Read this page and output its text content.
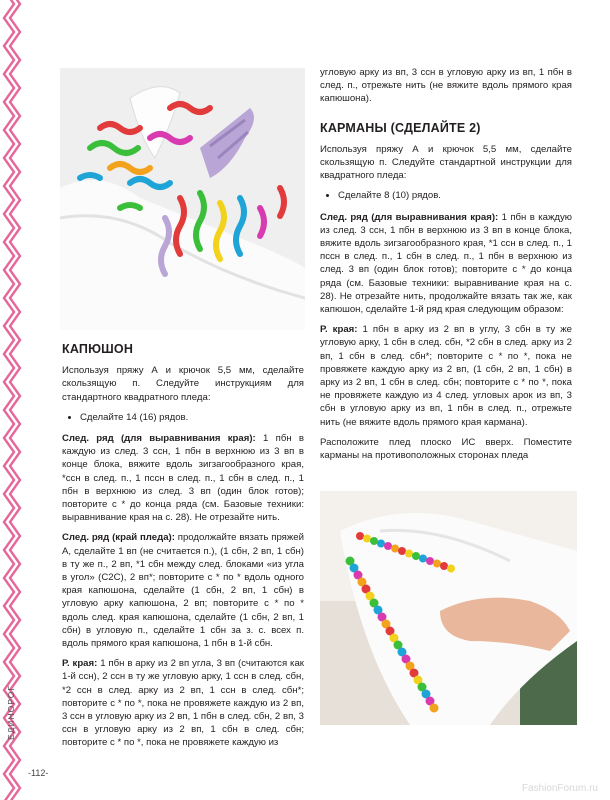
ЕДИНОРОГ
-112-
КАПЮШОН

Используя пряжу А и крючок 5,5 мм, сделайте скользящую п. Следуйте инструкциям для стандартного квадратного пледа:

• Сделайте 14 (16) рядов.

След. ряд (для выравнивания края): 1 пбн в каждую из след. 3 ссн, 1 пбн в верхнюю из 3 вп в конце блока, вяжите вдоль зигзагообразного края, *ссн в след. п., 1 пссн в след. п., 1 сбн в след. п., 1 пбн в верхнюю из след. 3 вп (один блок готов); повторите с * до конца ряда (см. Базовые техники: выравнивание края на с. 28). Не отрезайте нить.

След. ряд (край пледа): продолжайте вязать пряжей А, сделайте 1 вп (не считается п.), (1 сбн, 2 вп, 1 сбн) в ту же п., 2 вп, *1 сбн между след. блоками «из угла в угол» (С2С), 2 вп*; повторите с * по * вдоль одного края капюшона, сделайте (1 сбн, 2 вп, 1 сбн) в угловую арку капюшона, 2 вп; повторите с * по * вдоль след. края капюшона, сделайте (1 сбн, 2 вп, 1 сбн) в угловую п., сделайте 1 сбн за з. с. всех п. вдоль прямого края капюшона, 1 пбн в 1-й сбн.

Р. края: 1 пбн в арку из 2 вп угла, 3 вп (считаются как 1-й ссн), 2 ссн в ту же угловую арку, 1 ссн в след. сбн, *2 ссн в след. арку из 2 вп, 1 ссн в след. сбн*; повторите с * по *, пока не провяжете каждую из 2 вп, 3 ссн в угловую арку из 2 вп, 1 пбн в след. сбн, 2 вп, 3 ссн в угловую арку из 2 вп, 1 сбн в след. сбн; повторите с * по *, пока не провяжете каждую из

угловую арку из вп, 3 ссн в угловую арку из вп, 1 пбн в след. п., отрежьте нить (не вяжите вдоль прямого края капюшона).

КАРМАНЫ (СДЕЛАЙТЕ 2)

Используя пряжу А и крючок 5,5 мм, сделайте скользящую п. Следуйте стандартной инструкции для квадратного пледа:

• Сделайте 8 (10) рядов.

След. ряд (для выравнивания края): 1 пбн в каждую из след. 3 ссн, 1 пбн в верхнюю из 3 вп в конце блока, вяжите вдоль зигзагообразного края, *1 ссн в след. п., 1 пссн в след. п., 1 сбн в след. п., 1 пбн в верхнюю из след. 3 вп (один блок готов); повторите с * до конца ряда (см. Базовые техники: выравнивание края на с. 28). Не отрезайте нить, продолжайте вязать так же, как капюшон, сделайте 1-й ряд края следующим образом:

Р. края: 1 пбн в арку из 2 вп в углу, 3 сбн в ту же угловую арку, 1 сбн в след. сбн, *2 сбн в след. арку из 2 вп, 1 сбн в след. сбн*; повторите с * по *, пока не провяжете каждую арку из 2 вп, (1 сбн, 2 вп, 1 сбн) в арку из 2 вп, 1 сбн в след. сбн; повторите с * по *, пока не провяжете каждую из 4 след. угловых арок из вп, 3 сбн в угловую арку из вп, 1 пбн в след. п., отрежьте нить (не вяжите вдоль прямого края кармана).

Расположите плед плоско ИС вверх. Поместите карманы на противоположных сторонах пледа

FashionForum.ru
